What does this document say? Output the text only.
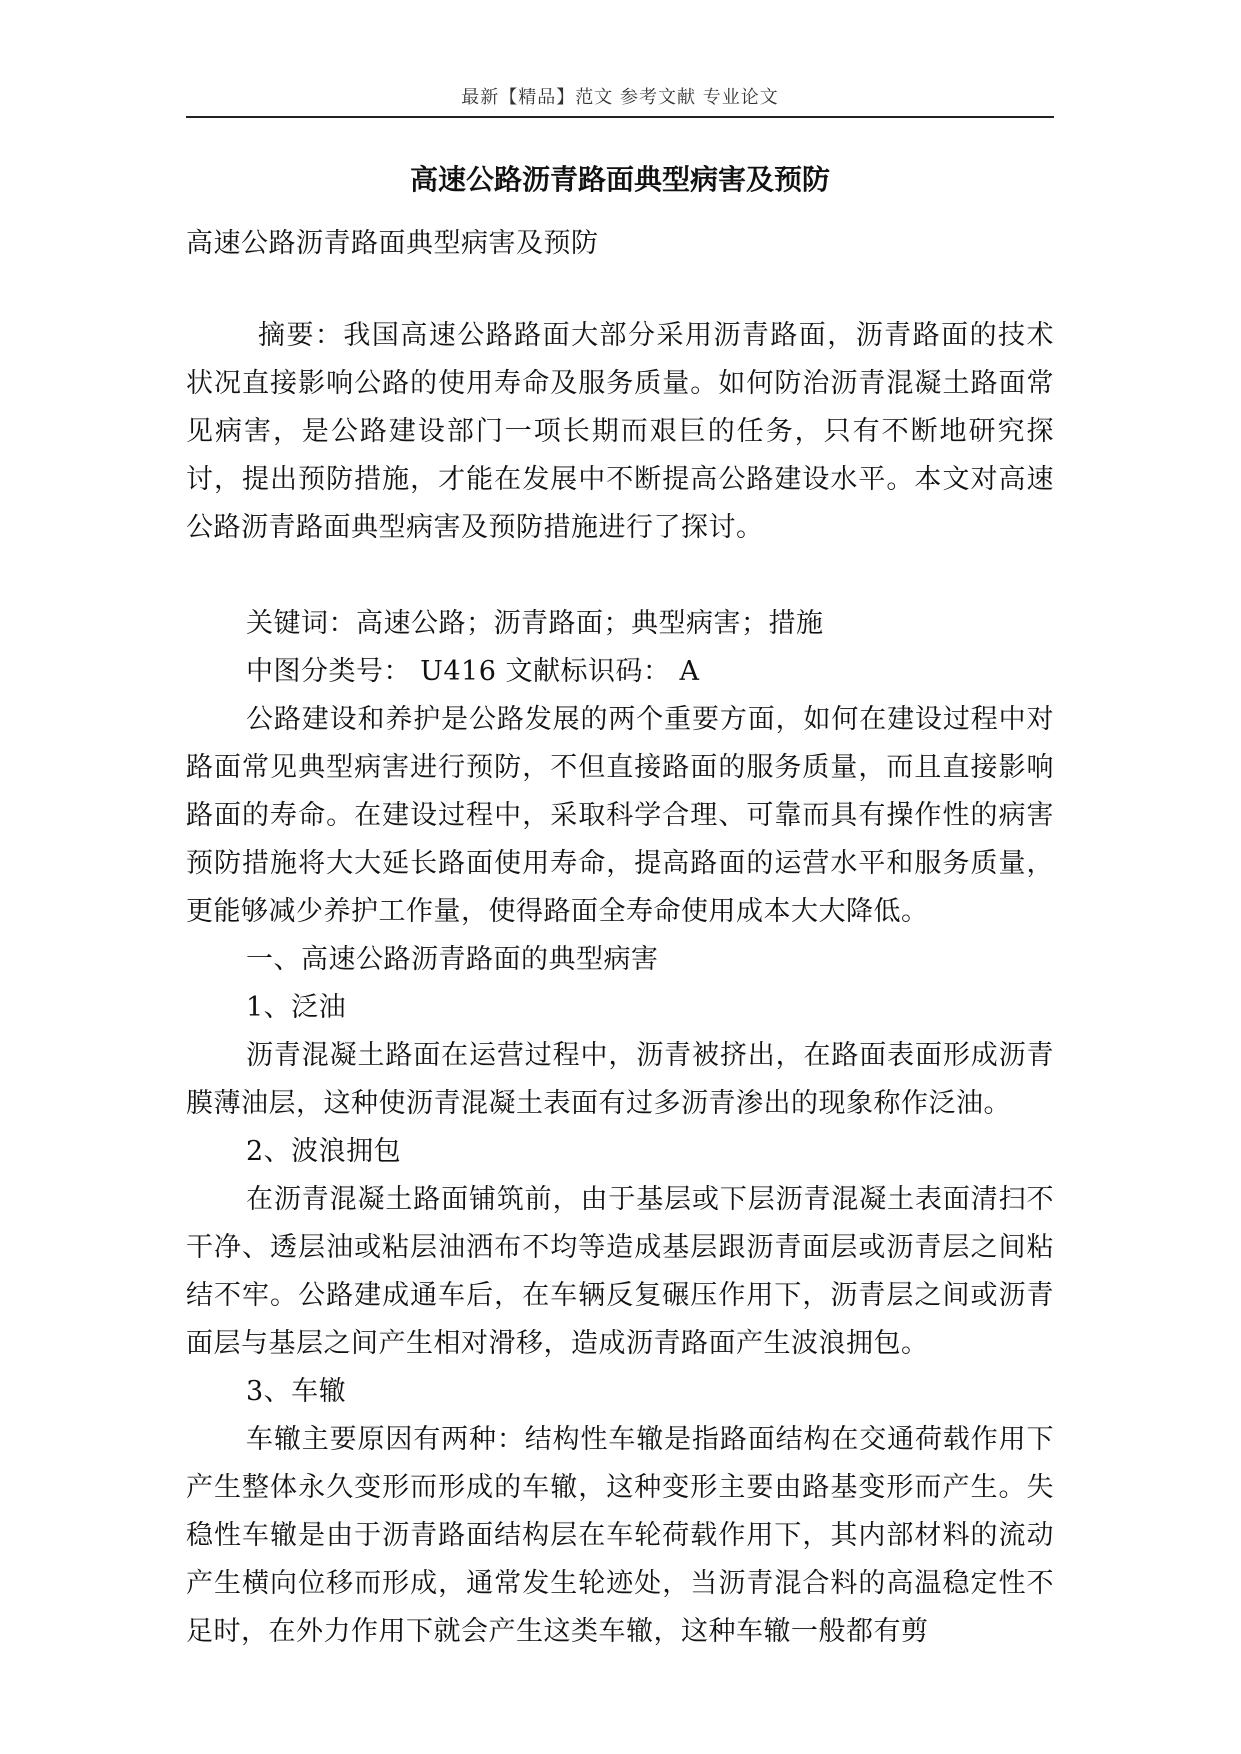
最新【精品】范文 参考文献 专业论文
高速公路沥青路面典型病害及预防

高速公路沥青路面典型病害及预防

摘要：我国高速公路路面大部分采用沥青路面，沥青路面的技术状况直接影响公路的使用寿命及服务质量。如何防治沥青混凝土路面常见病害，是公路建设部门一项长期而艰巨的任务，只有不断地研究探讨，提出预防措施，才能在发展中不断提高公路建设水平。本文对高速公路沥青路面典型病害及预防措施进行了探讨。

关键词：高速公路；沥青路面；典型病害；措施

中图分类号： U416 文献标识码： A

公路建设和养护是公路发展的两个重要方面，如何在建设过程中对路面常见典型病害进行预防，不但直接路面的服务质量，而且直接影响路面的寿命。在建设过程中，采取科学合理、可靠而具有操作性的病害预防措施将大大延长路面使用寿命，提高路面的运营水平和服务质量，更能够减少养护工作量，使得路面全寿命使用成本大大降低。

一、高速公路沥青路面的典型病害

1、泛油

沥青混凝土路面在运营过程中，沥青被挤出，在路面表面形成沥青膜薄油层，这种使沥青混凝土表面有过多沥青渗出的现象称作泛油。

2、波浪拥包

在沥青混凝土路面铺筑前，由于基层或下层沥青混凝土表面清扫不干净、透层油或粘层油洒布不均等造成基层跟沥青面层或沥青层之间粘结不牢。公路建成通车后，在车辆反复碾压作用下，沥青层之间或沥青面层与基层之间产生相对滑移，造成沥青路面产生波浪拥包。

3、车辙

车辙主要原因有两种：结构性车辙是指路面结构在交通荷载作用下产生整体永久变形而形成的车辙，这种变形主要由路基变形而产生。失稳性车辙是由于沥青路面结构层在车轮荷载作用下，其内部材料的流动产生横向位移而形成，通常发生轮迹处，当沥青混合料的高温稳定性不足时，在外力作用下就会产生这类车辙，这种车辙一般都有剪
